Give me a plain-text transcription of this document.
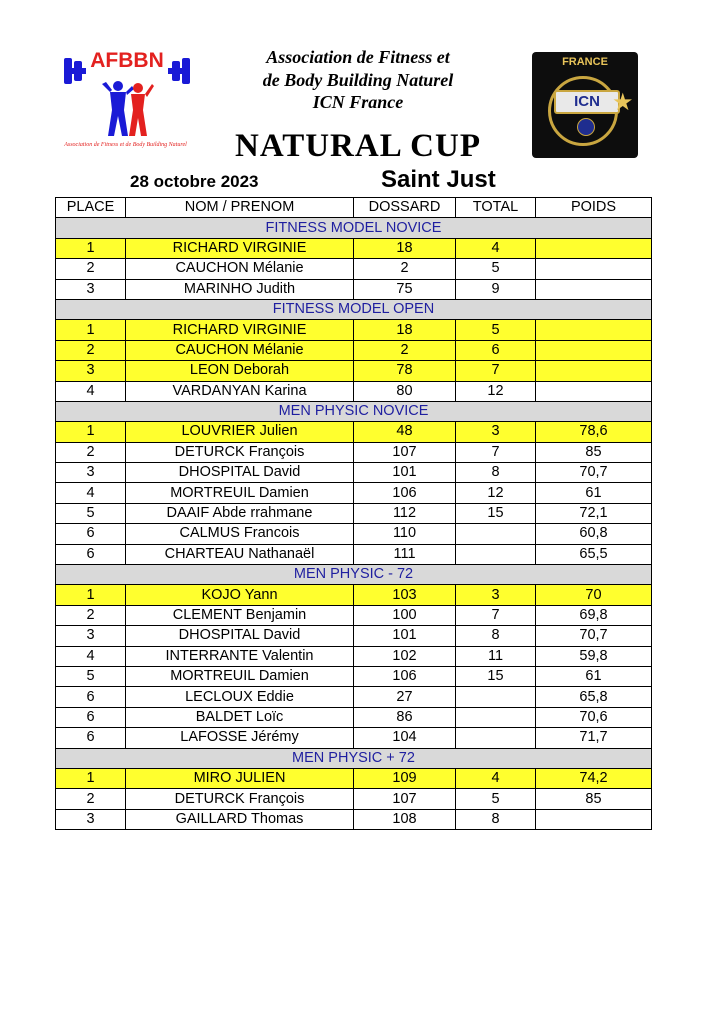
AFBBN
Association de Fitness et de Body Building Naturel
Association de Fitness et
de Body Building Naturel
ICN France
NATURAL CUP
28 octobre 2023	Saint Just
FRANCE
ICN ★
PLACE	NOM / PRENOM	DOSSARD	TOTAL	POIDS
FITNESS MODEL NOVICE				
1	RICHARD VIRGINIE	18	4	
2	CAUCHON Mélanie	2	5	
3	MARINHO Judith	75	9	
FITNESS MODEL OPEN				
1	RICHARD VIRGINIE	18	5	
2	CAUCHON Mélanie	2	6	
3	LEON Deborah	78	7	
4	VARDANYAN Karina	80	12	
MEN PHYSIC NOVICE				
1	LOUVRIER Julien	48	3	78,6
2	DETURCK François	107	7	85
3	DHOSPITAL David	101	8	70,7
4	MORTREUIL Damien	106	12	61
5	DAAIF Abde rrahmane	112	15	72,1
6	CALMUS Francois	110		60,8
6	CHARTEAU Nathanaël	111		65,5
MEN PHYSIC - 72				
1	KOJO Yann	103	3	70
2	CLEMENT Benjamin	100	7	69,8
3	DHOSPITAL David	101	8	70,7
4	INTERRANTE Valentin	102	11	59,8
5	MORTREUIL Damien	106	15	61
6	LECLOUX Eddie	27		65,8
6	BALDET Loïc	86		70,6
6	LAFOSSE Jérémy	104		71,7
MEN PHYSIC + 72				
1	MIRO JULIEN	109	4	74,2
2	DETURCK François	107	5	85
3	GAILLARD Thomas	108	8	
